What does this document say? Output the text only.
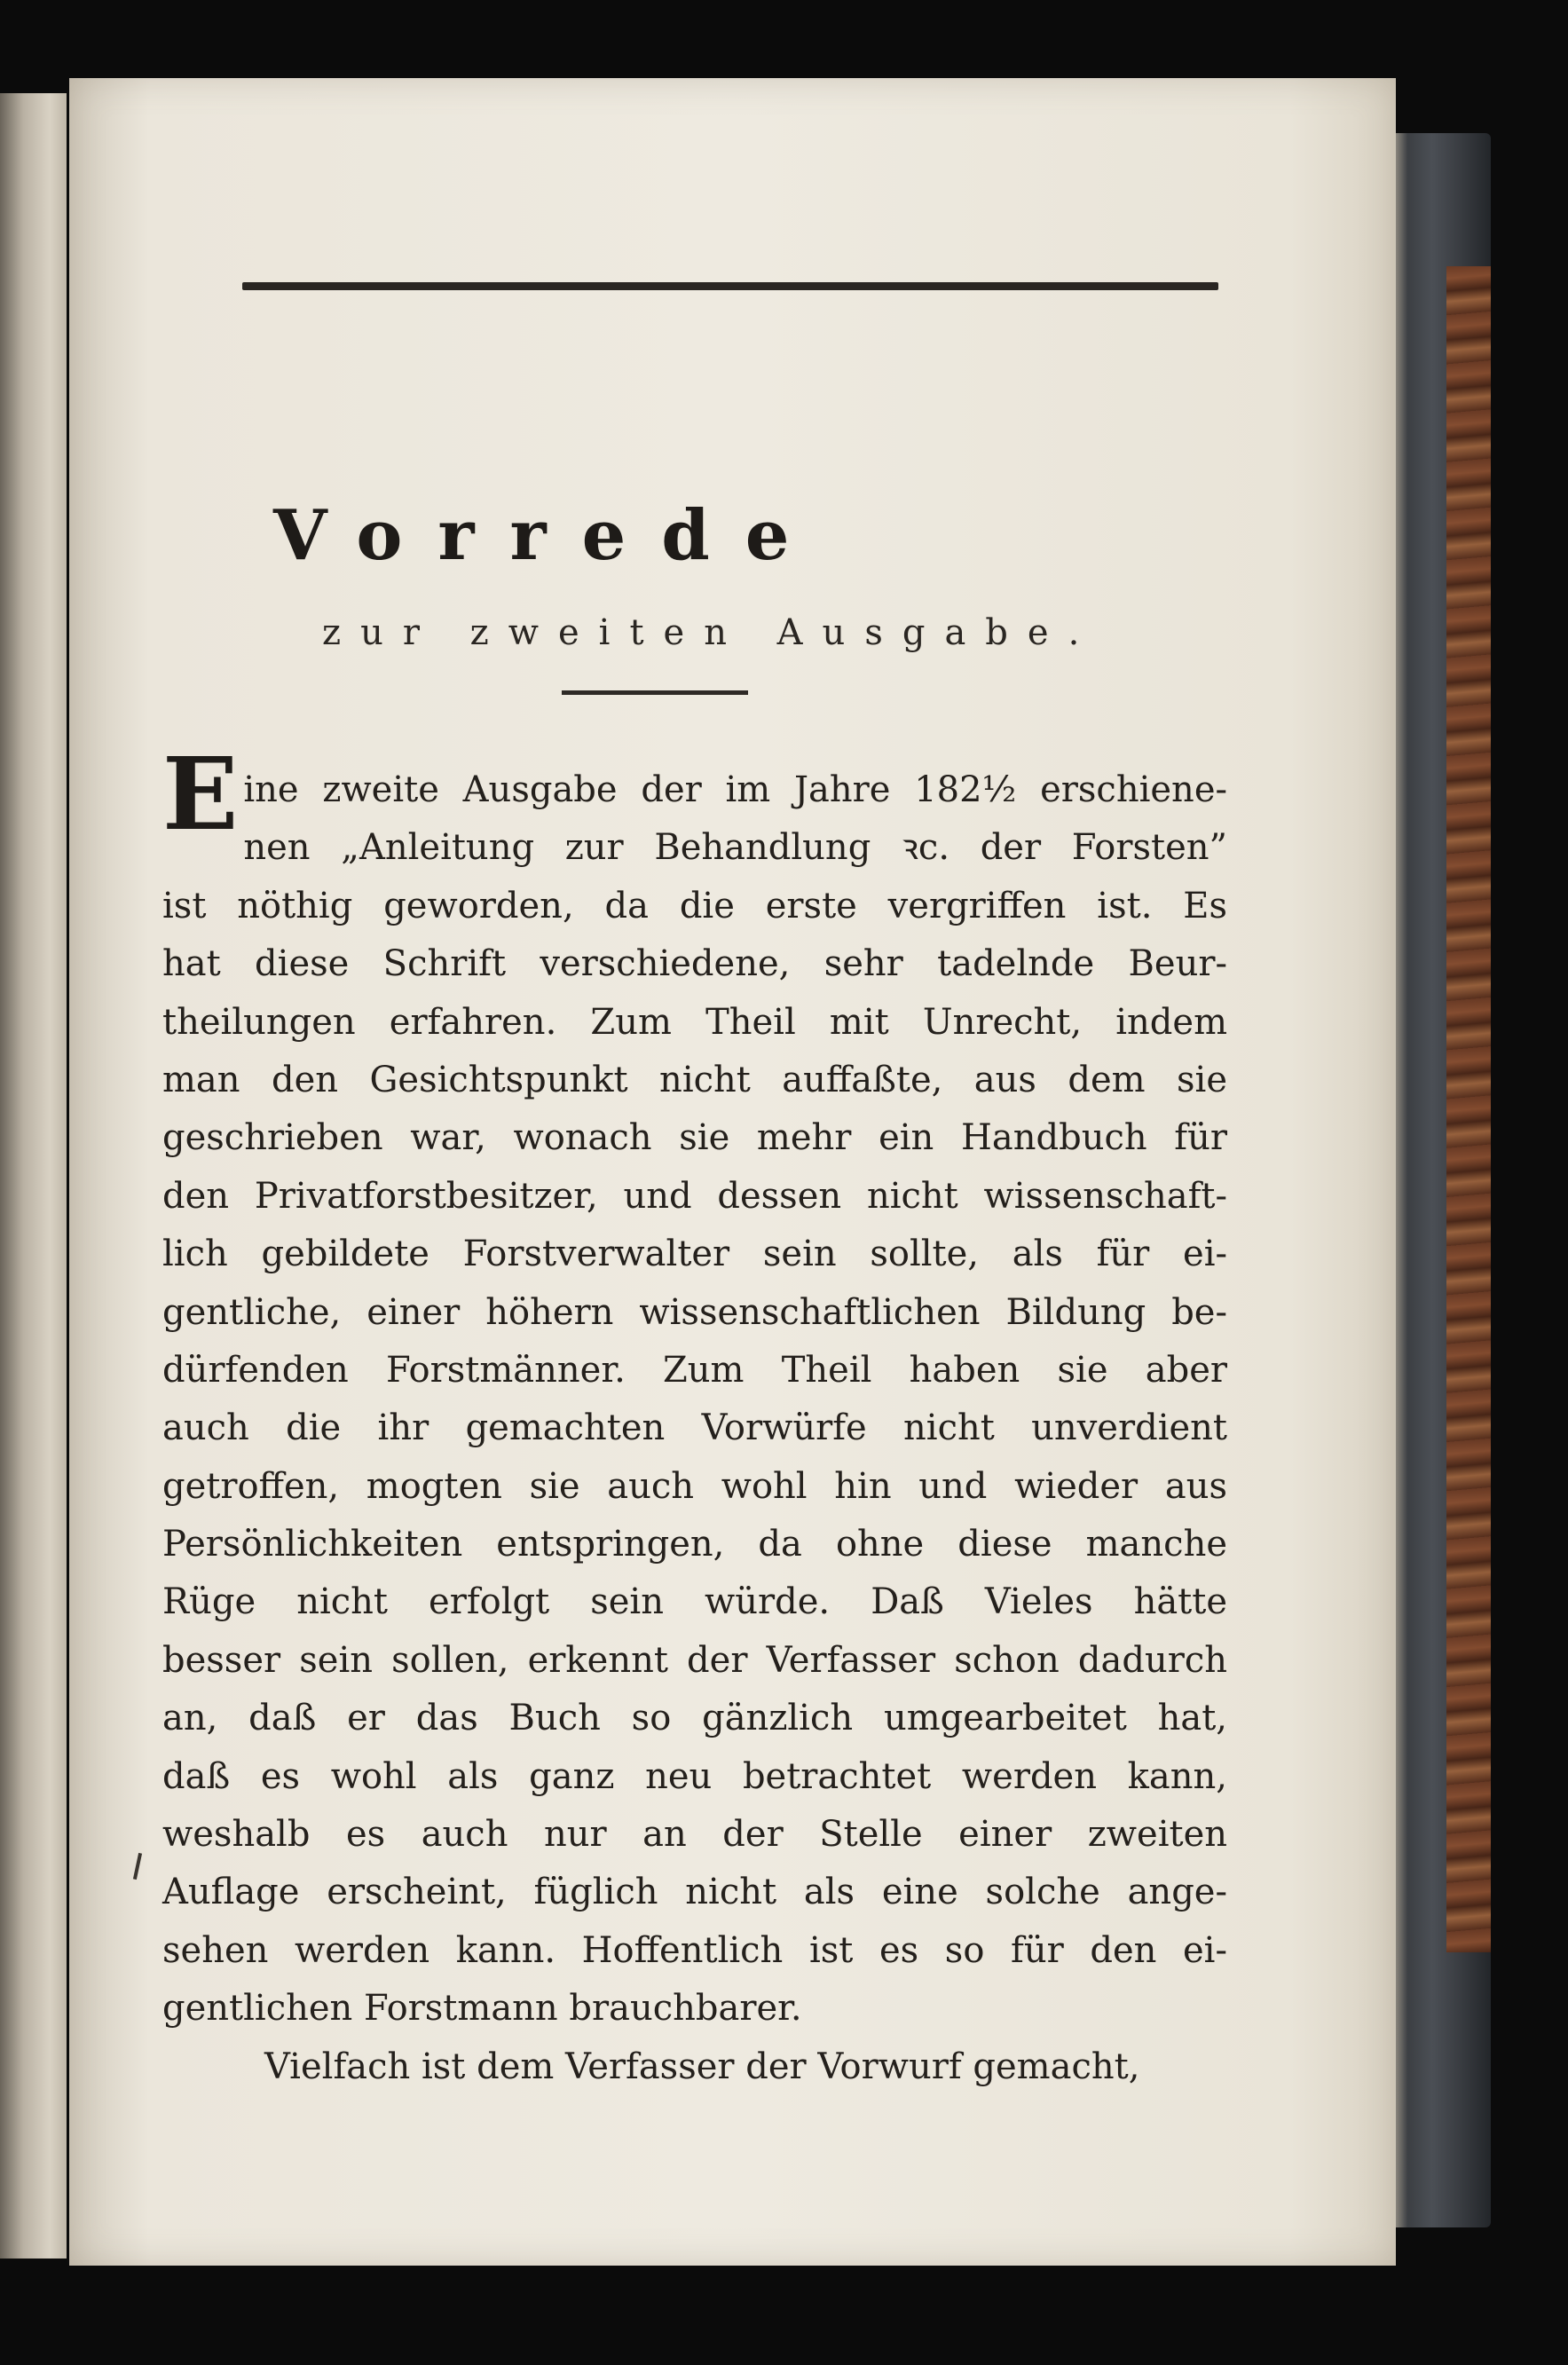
Vorrede

zur zweiten Ausgabe.

Eine zweite Ausgabe der im Jahre 182½ erschiene-
nen „Anleitung zur Behandlung ꝛc. der Forsten”
ist nöthig geworden, da die erste vergriffen ist. Es
hat diese Schrift verschiedene, sehr tadelnde Beur-
theilungen erfahren. Zum Theil mit Unrecht, indem
man den Gesichtspunkt nicht auffaßte, aus dem sie
geschrieben war, wonach sie mehr ein Handbuch für
den Privatforstbesitzer, und dessen nicht wissenschaft-
lich gebildete Forstverwalter sein sollte, als für ei-
gentliche, einer höhern wissenschaftlichen Bildung be-
dürfenden Forstmänner. Zum Theil haben sie aber
auch die ihr gemachten Vorwürfe nicht unverdient
getroffen, mogten sie auch wohl hin und wieder aus
Persönlichkeiten entspringen, da ohne diese manche
Rüge nicht erfolgt sein würde. Daß Vieles hätte
besser sein sollen, erkennt der Verfasser schon dadurch
an, daß er das Buch so gänzlich umgearbeitet hat,
daß es wohl als ganz neu betrachtet werden kann,
weshalb es auch nur an der Stelle einer zweiten
Auflage erscheint, füglich nicht als eine solche ange-
sehen werden kann. Hoffentlich ist es so für den ei-
gentlichen Forstmann brauchbarer.
Vielfach ist dem Verfasser der Vorwurf gemacht,
